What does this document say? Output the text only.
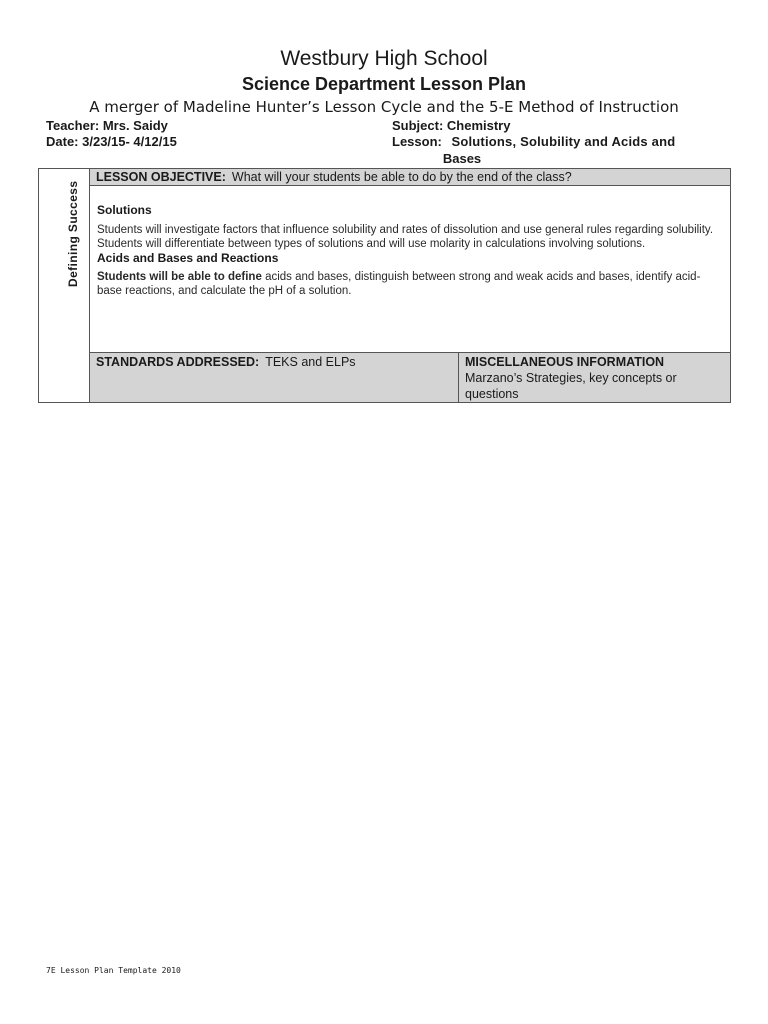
Westbury High School
Science Department Lesson Plan
A merger of Madeline Hunter’s Lesson Cycle and the 5-E Method of Instruction
Teacher: Mrs. Saidy
Date: 3/23/15- 4/12/15
Subject: Chemistry
Lesson: Solutions, Solubility and Acids and
Bases
Defining Success
LESSON OBJECTIVE: What will your students be able to do by the end of the class?
Solutions
Students will investigate factors that influence solubility and rates of dissolution and use general rules regarding solubility. Students will differentiate between types of solutions and will use molarity in calculations involving solutions.
Acids and Bases and Reactions
Students will be able to define acids and bases, distinguish between strong and weak acids and bases, identify acid-base reactions, and calculate the pH of a solution.
STANDARDS ADDRESSED: TEKS and ELPs	MISCELLANEOUS INFORMATION
Marzano’s Strategies, key concepts or questions
7E Lesson Plan Template 2010
